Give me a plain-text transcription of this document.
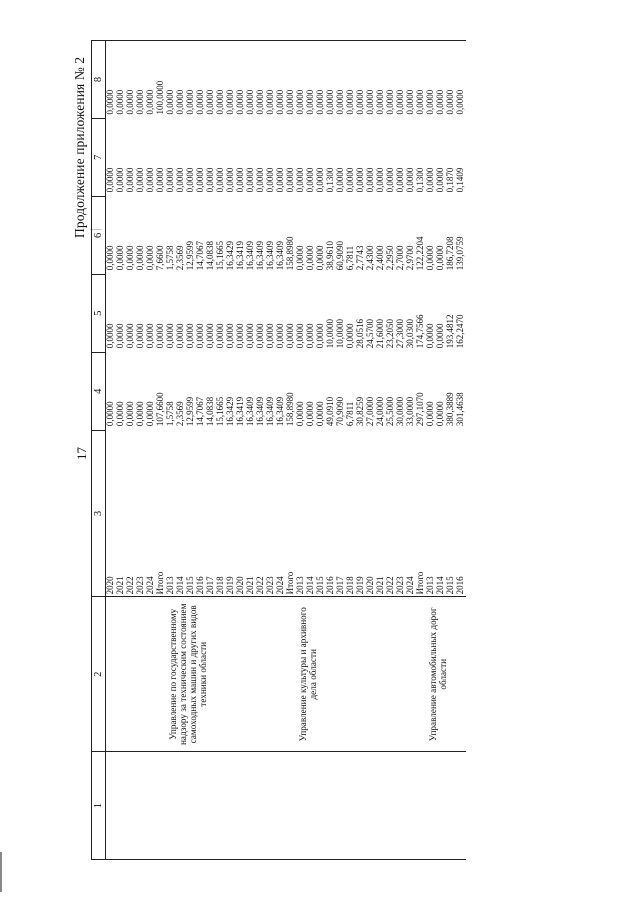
17
Продолжение приложения № 2
1	2	3	4	5	6	7	8
		2020	0,0000	0,0000	0,0000	0,0000	0,0000
		2021	0,0000	0,0000	0,0000	0,0000	0,0000
		2022	0,0000	0,0000	0,0000	0,0000	0,0000
		2023	0,0000	0,0000	0,0000	0,0000	0,0000
		2024	0,0000	0,0000	0,0000	0,0000	0,0000
		Итого	107,6600	0,0000	7,6600	0,0000	100,0000
	Управление по государственному надзору за техническим состоянием самоходных машин и других видов техники области	2013	1,5758	0,0000	1,5758	0,0000	0,0000
		2014	2,3569	0,0000	2,3569	0,0000	0,0000
		2015	12,9599	0,0000	12,9599	0,0000	0,0000
		2016	14,7067	0,0000	14,7067	0,0000	0,0000
		2017	14,0838	0,0000	14,0838	0,0000	0,0000
		2018	15,1665	0,0000	15,1665	0,0000	0,0000
		2019	16,3429	0,0000	16,3429	0,0000	0,0000
		2020	16,3419	0,0000	16,3419	0,0000	0,0000
		2021	16,3409	0,0000	16,3409	0,0000	0,0000
		2022	16,3409	0,0000	16,3409	0,0000	0,0000
		2023	16,3409	0,0000	16,3409	0,0000	0,0000
		2024	16,3409	0,0000	16,3409	0,0000	0,0000
		Итого	158,8980	0,0000	158,8980	0,0000	0,0000
	Управление культуры и архивного дела области	2013	0,0000	0,0000	0,0000	0,0000	0,0000
		2014	0,0000	0,0000	0,0000	0,0000	0,0000
		2015	0,0000	0,0000	0,0000	0,0000	0,0000
		2016	49,0910	10,0000	38,9610	0,1300	0,0000
		2017	70,9090	10,0000	60,9090	0,0000	0,0000
		2018	6,7811	0,0000	6,7811	0,0000	0,0000
		2019	30,8259	28,0516	2,7743	0,0000	0,0000
		2020	27,0000	24,5700	2,4300	0,0000	0,0000
		2021	24,0000	21,6000	2,4000	0,0000	0,0000
		2022	25,5000	23,2050	2,2950	0,0000	0,0000
		2023	30,0000	27,3000	2,7000	0,0000	0,0000
		2024	33,0000	30,0300	2,9700	0,0000	0,0000
		Итого	297,1070	174,7566	122,2204	0,1300	0,0000
	Управление автомобильных дорог области	2013	0,0000	0,0000	0,0000	0,0000	0,0000
		2014	0,0000	0,0000	0,0000	0,0000	0,0000
		2015	380,3889	193,4812	186,7208	0,1870	0,0000
		2016	301,4638	162,2470	139,0759	0,1409	0,0000
